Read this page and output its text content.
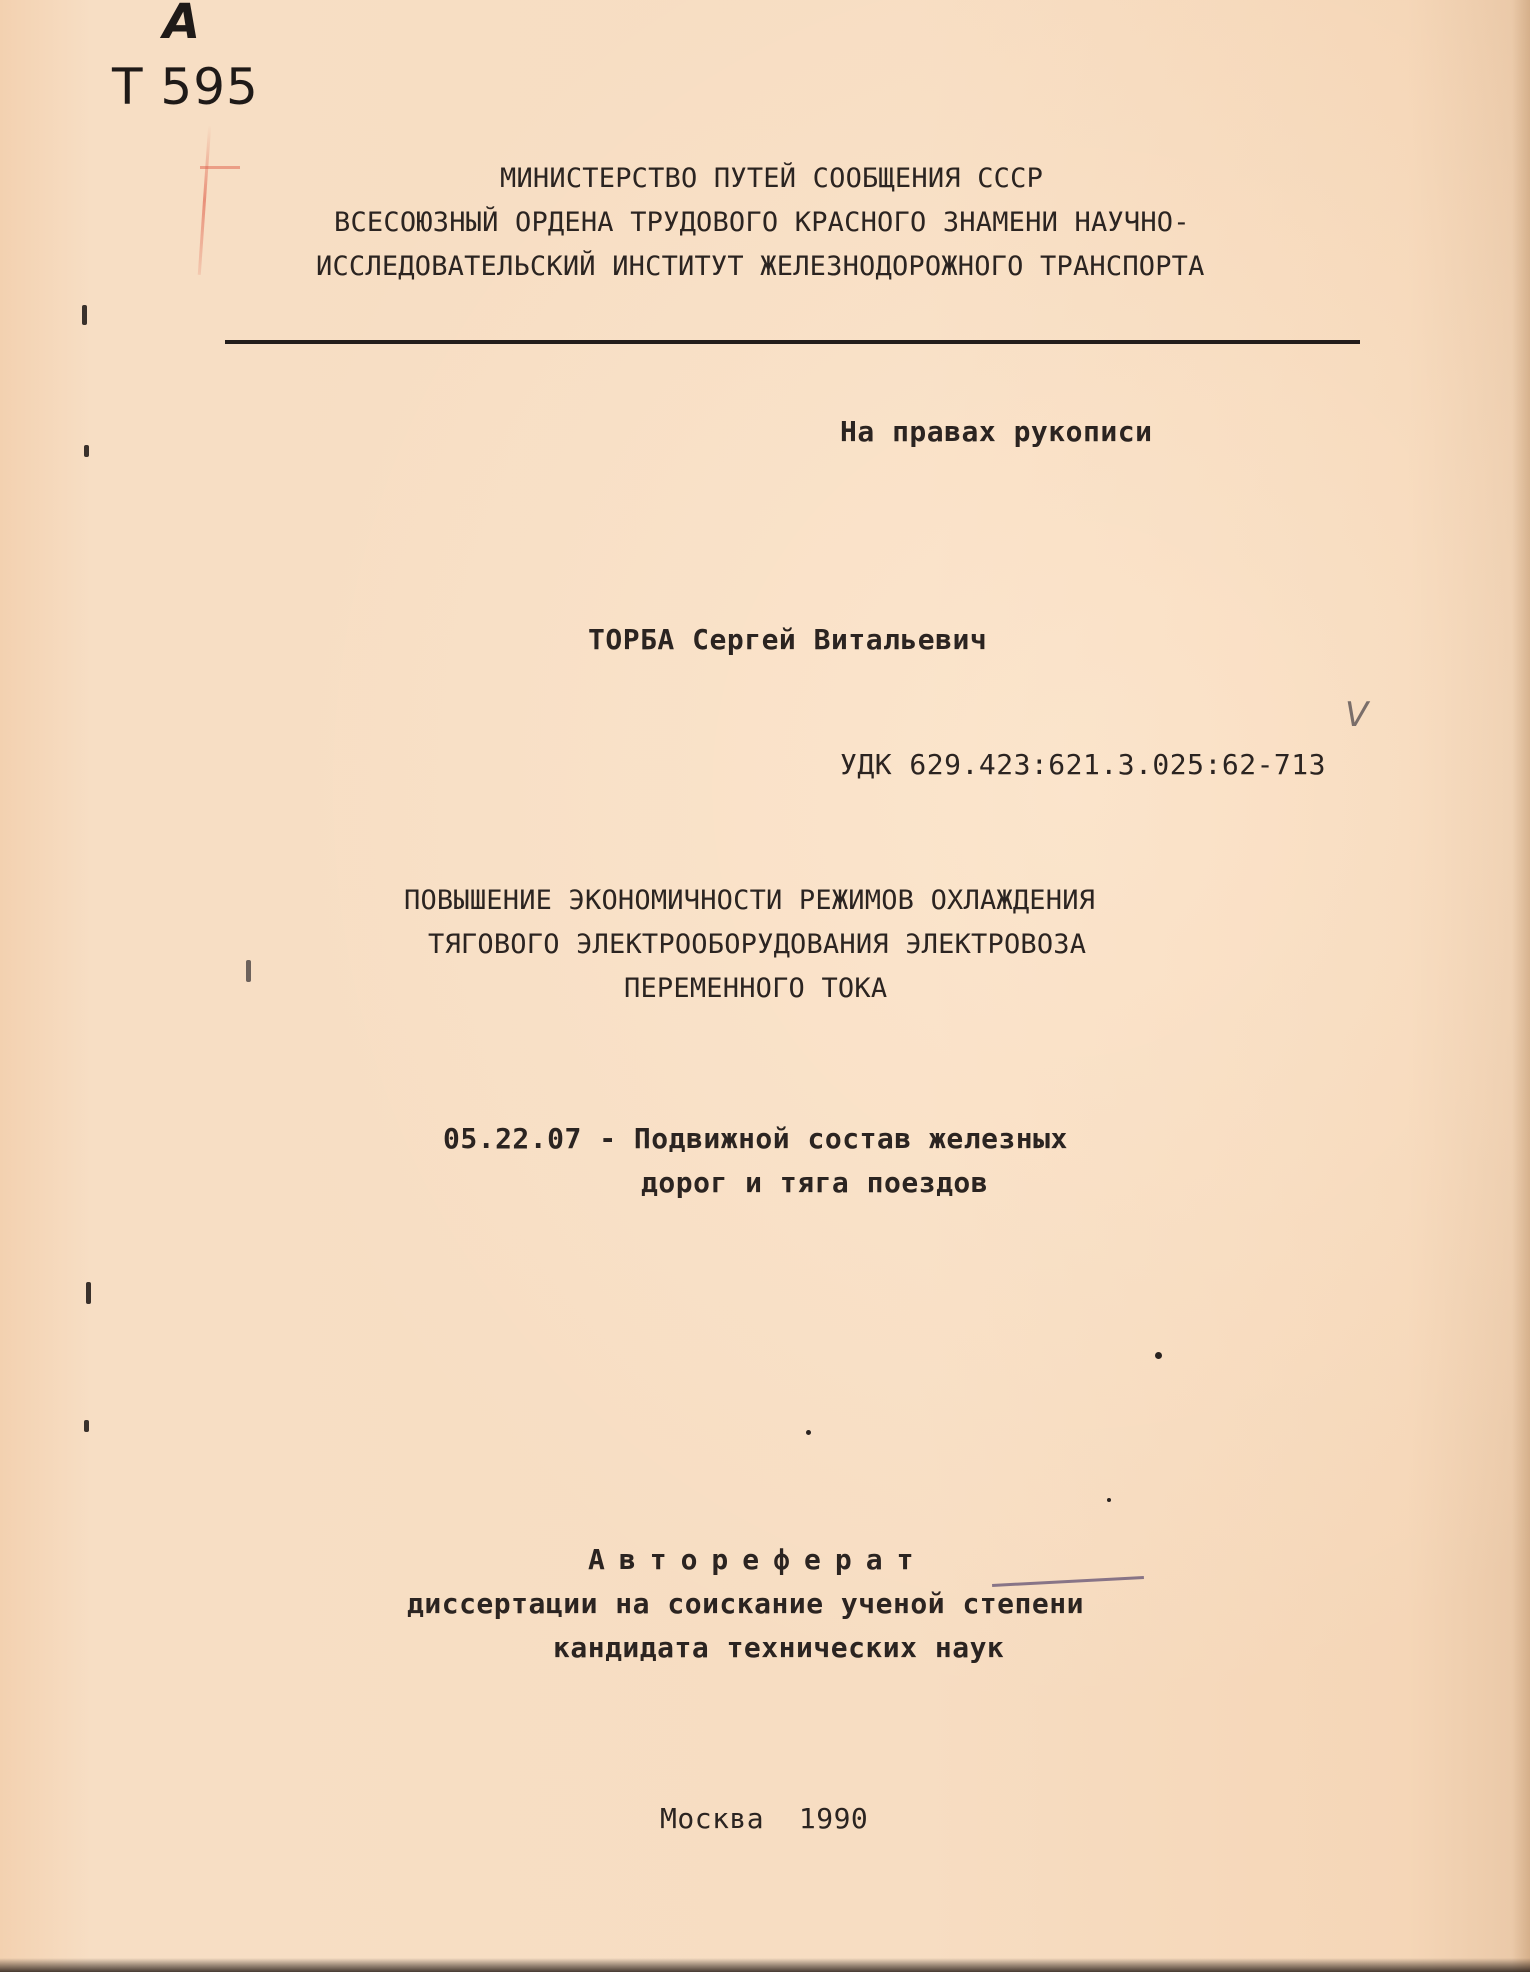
А
Т 595
МИНИСТЕРСТВО ПУТЕЙ СООБЩЕНИЯ СССР
ВСЕСОЮЗНЫЙ ОРДЕНА ТРУДОВОГО КРАСНОГО ЗНАМЕНИ НАУЧНО-
ИССЛЕДОВАТЕЛЬСКИЙ ИНСТИТУТ ЖЕЛЕЗНОДОРОЖНОГО ТРАНСПОРТА
На правах рукописи
ТОРБА Сергей Витальевич
V
УДК 629.423:621.3.025:62-713
ПОВЫШЕНИЕ ЭКОНОМИЧНОСТИ РЕЖИМОВ ОХЛАЖДЕНИЯ
ТЯГОВОГО ЭЛЕКТРООБОРУДОВАНИЯ ЭЛЕКТРОВОЗА
ПЕРЕМЕННОГО ТОКА
05.22.07 - Подвижной состав железных
дорог и тяга поездов
Автореферат
диссертации на соискание ученой степени
кандидата технических наук
Москва  1990
